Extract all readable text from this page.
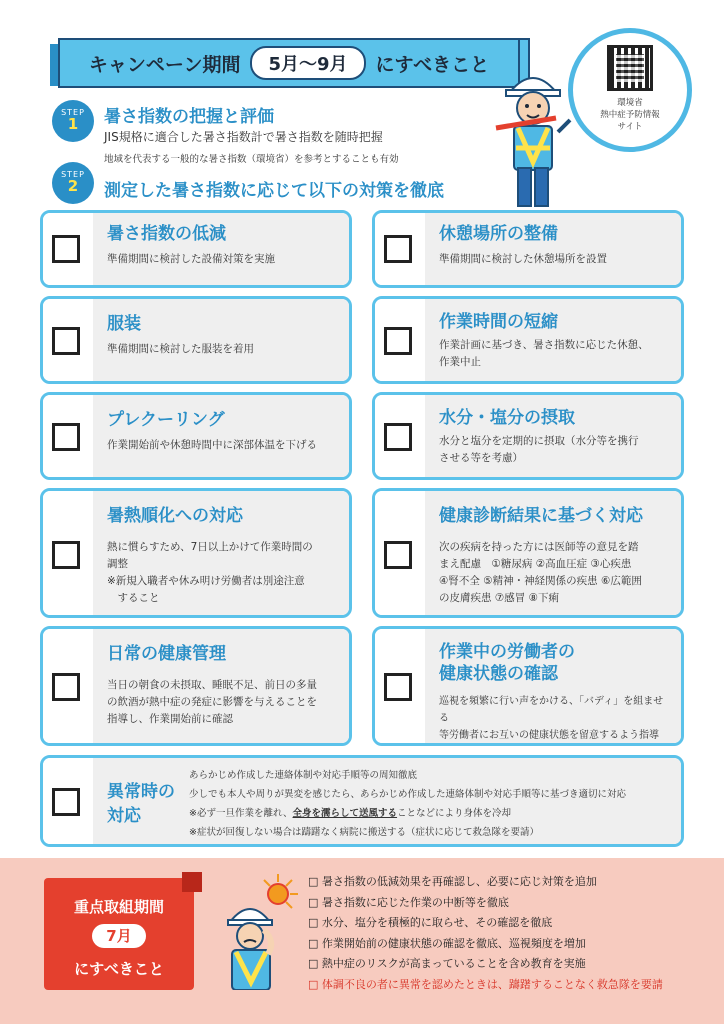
キャンペーン期間	5月～9月	にすべきこと
環境省
熱中症予防情報
サイト
STEP
1	暑さ指数の把握と評価
JIS規格に適合した暑さ指数計で暑さ指数を随時把握
地域を代表する一般的な暑さ指数（環境省）を参考とすることも有効
STEP
2	測定した暑さ指数に応じて以下の対策を徹底
暑さ指数の低減
準備期間に検討した設備対策を実施
休憩場所の整備
準備期間に検討した休憩場所を設置
服装
準備期間に検討した服装を着用
作業時間の短縮
作業計画に基づき、暑さ指数に応じた休憩、
作業中止
プレクーリング
作業開始前や休憩時間中に深部体温を下げる
水分・塩分の摂取
水分と塩分を定期的に摂取（水分等を携行
させる等を考慮）
暑熱順化への対応
熱に慣らすため、7日以上かけて作業時間の
調整
※新規入職者や休み明け労働者は別途注意
　すること
健康診断結果に基づく対応
次の疾病を持った方には医師等の意見を踏
まえ配慮　①糖尿病 ②高血圧症 ③心疾患
④腎不全 ⑤精神・神経関係の疾患 ⑥広範囲
の皮膚疾患 ⑦感冒 ⑧下痢
日常の健康管理
当日の朝食の未摂取、睡眠不足、前日の多量
の飲酒が熱中症の発症に影響を与えることを
指導し、作業開始前に確認
作業中の労働者の
健康状態の確認
巡視を頻繁に行い声をかける、「バディ」を組ませる
等労働者にお互いの健康状態を留意するよう指導
異常時の
対応
あらかじめ作成した連絡体制や対応手順等の周知徹底
少しでも本人や周りが異変を感じたら、あらかじめ作成した連絡体制や対応手順等に基づき適切に対応
※必ず一旦作業を離れ、全身を濡らして送風することなどにより身体を冷却
※症状が回復しない場合は躊躇なく病院に搬送する（症状に応じて救急隊を要請）
重点取組期間
7月
にすべきこと
□ 暑さ指数の低減効果を再確認し、必要に応じ対策を追加
□ 暑さ指数に応じた作業の中断等を徹底
□ 水分、塩分を積極的に取らせ、その確認を徹底
□ 作業開始前の健康状態の確認を徹底、巡視頻度を増加
□ 熱中症のリスクが高まっていることを含め教育を実施
□ 体調不良の者に異常を認めたときは、躊躇することなく救急隊を要請
